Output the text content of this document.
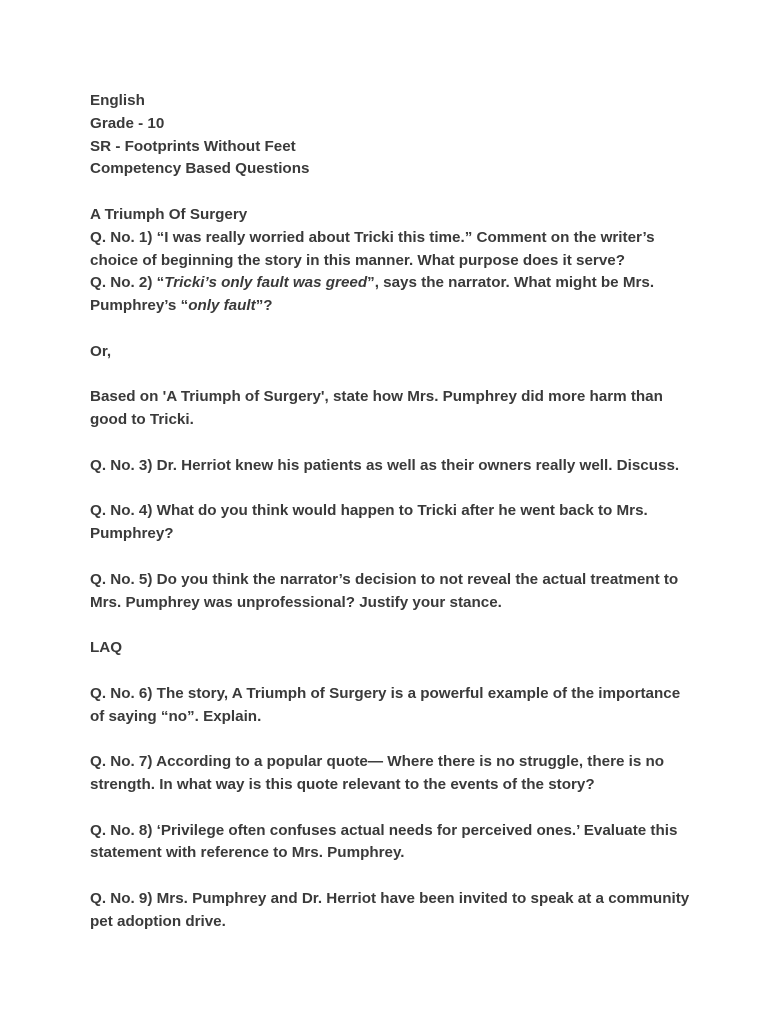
English
Grade - 10
SR - Footprints Without Feet
Competency Based Questions
A Triumph Of Surgery

Q. No. 1) “I was really worried about Tricki this time.” Comment on the writer’s choice of beginning the story in this manner. What purpose does it serve?

Q. No. 2) “Tricki’s only fault was greed”, says the narrator. What might be Mrs. Pumphrey’s “only fault”?

Or,

Based on 'A Triumph of Surgery', state how Mrs. Pumphrey did more harm than good to Tricki.

Q. No. 3) Dr. Herriot knew his patients as well as their owners really well. Discuss.

Q. No. 4) What do you think would happen to Tricki after he went back to Mrs. Pumphrey?

Q. No. 5) Do you think the narrator’s decision to not reveal the actual treatment to Mrs. Pumphrey was unprofessional? Justify your stance.

LAQ

Q. No. 6) The story, A Triumph of Surgery is a powerful example of the importance of saying “no”. Explain.

Q. No. 7) According to a popular quote— Where there is no struggle, there is no strength. In what way is this quote relevant to the events of the story?

Q. No. 8) ‘Privilege often confuses actual needs for perceived ones.’ Evaluate this statement with reference to Mrs. Pumphrey.

Q. No. 9) Mrs. Pumphrey and Dr. Herriot have been invited to speak at a community pet adoption drive.
